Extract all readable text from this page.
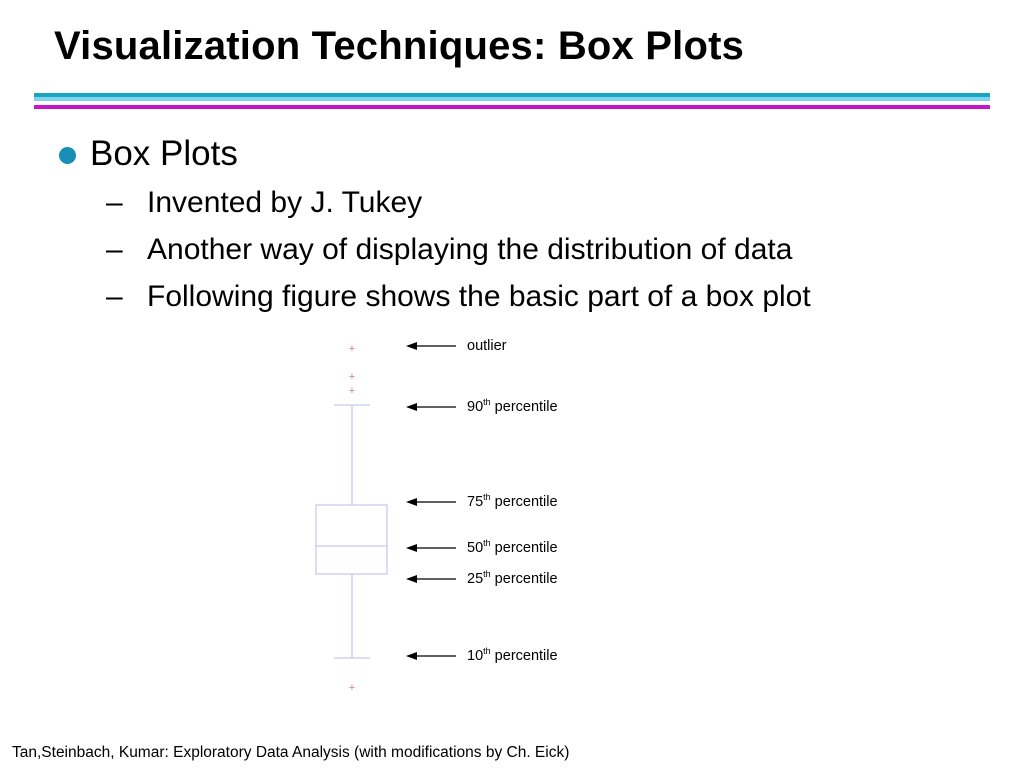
Visualization Techniques: Box Plots
Box Plots
– Invented by J. Tukey
– Another way of displaying the distribution of data
– Following figure shows the basic part of a box plot
+
+
+
+
outlier
90th percentile
75th percentile
50th percentile
25th percentile
10th percentile
Tan,Steinbach, Kumar: Exploratory Data Analysis (with modifications by Ch. Eick)
